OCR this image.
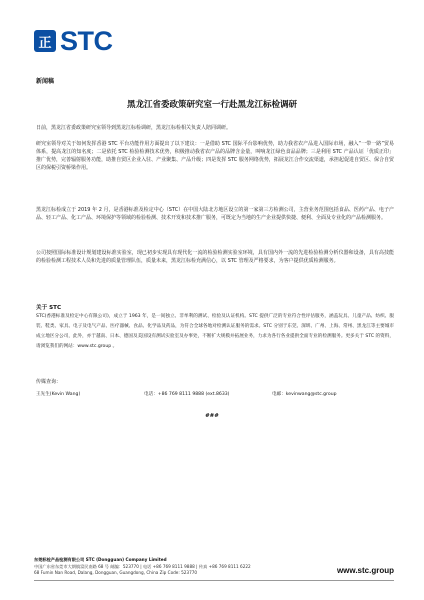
正 STC
新闻稿
黑龙江省委政策研究室一行赴黑龙江标检调研

日前，黑龙江省委政策研究室领导到黑龙江标检调研，黑龙江标检相关负责人陪同调研。

研究室领导对关于如何发挥香港 STC 平台功能作用方面提出了以下建议：一是借助 STC 国际平台影响优势，助力我省农产品进入国际市场，融入“一带一路”贸易体系，提高龙江的知名度；二是依托 STC 检验检测技术优势，积极推动我省农产品的品牌含金量，叫响龙江绿色食品品牌；三是利用 STC 产品认证「优质正印」推广优势，完善辐射服务功能，助推自贸区企业入驻、产业聚集、产品升级；四是发挥 STC 服务网络优势，拓展龙江合作交流渠道，承担起促进自贸区、保合自贸区的保税引资桥梁作用。

黑龙江标检成立于 2019 年 2 月，是香港标准及检定中心（STC）在中国大陆北方地区设立的第一家第三方检测公司，主营业务范围包括食品、医药产品、电子产品、轻工产品、化工产品、环境保护等领域的检验检测、技术开发和技术推广服务，可既定为当地的生产企业提供快捷、便利、全面及专业化的产品检测服务。

公司按照国际标准设计规划建设标准实验室，现已初步实现具有现代化一流的检验检测实验室环境，具有国内外一流的先进检验检测分析仪器和设备，具有高技能的检验检测工程技术人员和先进的质量管理队伍，质量未来，黑龙江标检充满信心，以 STC 管理及严格要求，为客户提供优质检测服务。

关于 STC

STC(香港标准及检定中心有限公司)，成立于 1963 年，是一间独立、非牟利的测试、检验及认证机构。STC 提供广泛的专业符合性评估服务，涵盖玩具、儿童产品、纺织、服装、鞋类、家具、电子及电气产品、医疗器械、食品、化学品及药品，为符合全球各地对检测认证服务的需求。STC 分别于东莞、深圳、广州、上海、常州、黑龙江等主要城市成立地区分公司，此外，亦于越南、日本、德国及美国设有测试实验室及办事处，不断扩大规模并拓展业务，力求为各行各业提供全面专业的检测服务。更多关于 STC 的资料，请浏览我们的网站：www.stc.group 。

传媒查询：
王先生(Kevin Wang)	电话：+86 769 8111 9888 (ext.8633)	电邮：kevinwang@stc.group
###
东莞标检产品检测有限公司 STC (Dongguan) Company Limited
中国广东省东莞市大朗镇富民南路 68 号 邮编：523770 | 电话 +86 769 8111 9888 | 传真 +86 769 8111 6222
68 Fumin Nan Road, Dalang, Dongguan, Guangdong, China Zip Code: 523770	www.stc.group
